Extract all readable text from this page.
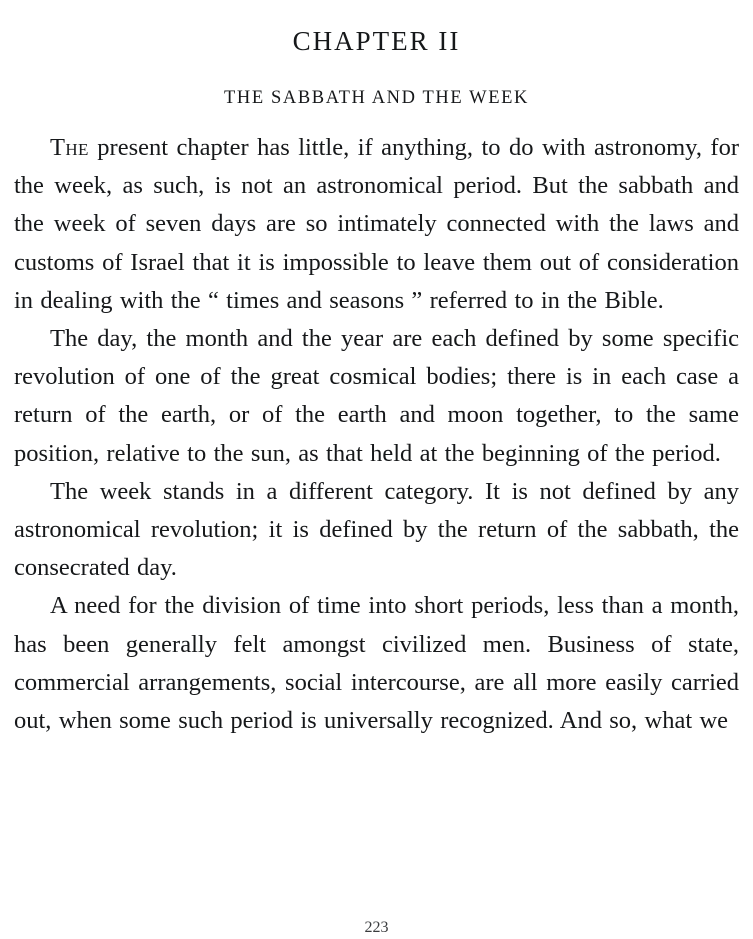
CHAPTER II
THE SABBATH AND THE WEEK

The present chapter has little, if anything, to do with astronomy, for the week, as such, is not an astronomical period. But the sabbath and the week of seven days are so intimately connected with the laws and customs of Israel that it is impossible to leave them out of consideration in dealing with the “ times and seasons ” referred to in the Bible.

The day, the month and the year are each defined by some specific revolution of one of the great cosmical bodies; there is in each case a return of the earth, or of the earth and moon together, to the same position, relative to the sun, as that held at the beginning of the period.

The week stands in a different category. It is not defined by any astronomical revolution; it is defined by the return of the sabbath, the consecrated day.

A need for the division of time into short periods, less than a month, has been generally felt amongst civilized men. Business of state, commercial arrangements, social intercourse, are all more easily carried out, when some such period is universally recognized. And so, what we

223
